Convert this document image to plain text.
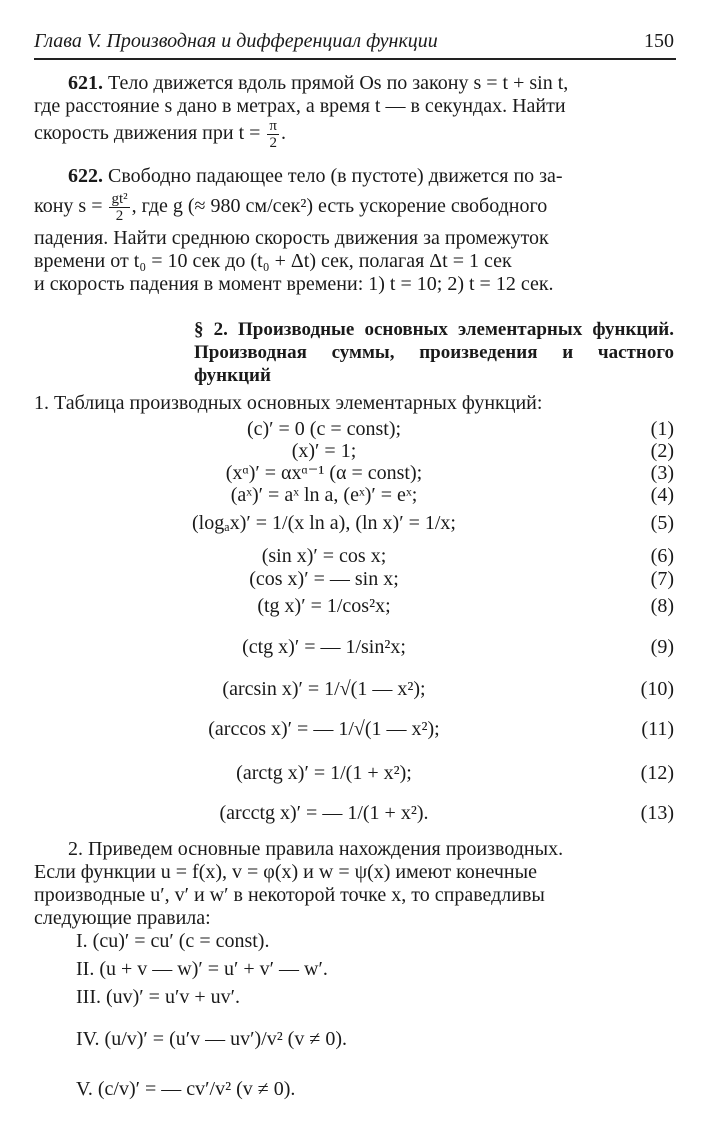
Глава V. Производная и дифференциал функции	150

621. Тело движется вдоль прямой Os по закону s = t + sin t,

где расстояние s дано в метрах, а время t — в секундах. Найти
скорость движения при $t = \frac{\pi}{2}$ .

622. Свободно падающее тело (в пустоте) движется по за-

кону $s = \frac{\text{gt²}}{2}$ , где g (≈ 980 см/сек²) есть ускорение свободного
падения. Найти среднюю скорость движения за промежуток
времени от t₀ = 10 сек до (t₀ + Δt) сек, полагая Δt = 1 сек
и скорость падения в момент времени: 1) t = 10; 2) t = 12 сек.
§ 2. Производные основных элементарных функций. Производная суммы, произведения и частного функций
1. Таблица производных основных элементарных функций:
(c)′ = 0 (c = const);	(1)
(x)′ = 1;	(2)
(xᵅ)′ = αxᵅ⁻¹ (α = const);	(3)
(aˣ)′ = aˣ ln a, (eˣ)′ = eˣ;	(4)
(logₐx)′ = 1/(x ln a), (ln x)′ = 1/x;	(5)
(sin x)′ = cos x;	(6)
(cos x)′ = — sin x;	(7)
(tg x)′ = 1/cos²x;	(8)
(ctg x)′ = — 1/sin²x;	(9)
(arcsin x)′ = 1/√(1 — x²);	(10)
(arccos x)′ = — 1/√(1 — x²);	(11)
(arctg x)′ = 1/(1 + x²);	(12)
(arcctg x)′ = — 1/(1 + x²).	(13)

2. Приведем основные правила нахождения производных.

Если функции u = f(x), v = φ(x) и w = ψ(x) имеют конечные
производные u′, v′ и w′ в некоторой точке x, то справедливы
следующие правила:
I. (cu)′ = cu′ (c = const).
II. (u + v — w)′ = u′ + v′ — w′.
III. (uv)′ = u′v + uv′.
IV. (u/v)′ = (u′v — uv′)/v² (v ≠ 0).
V. (c/v)′ = — cv′/v² (v ≠ 0).
